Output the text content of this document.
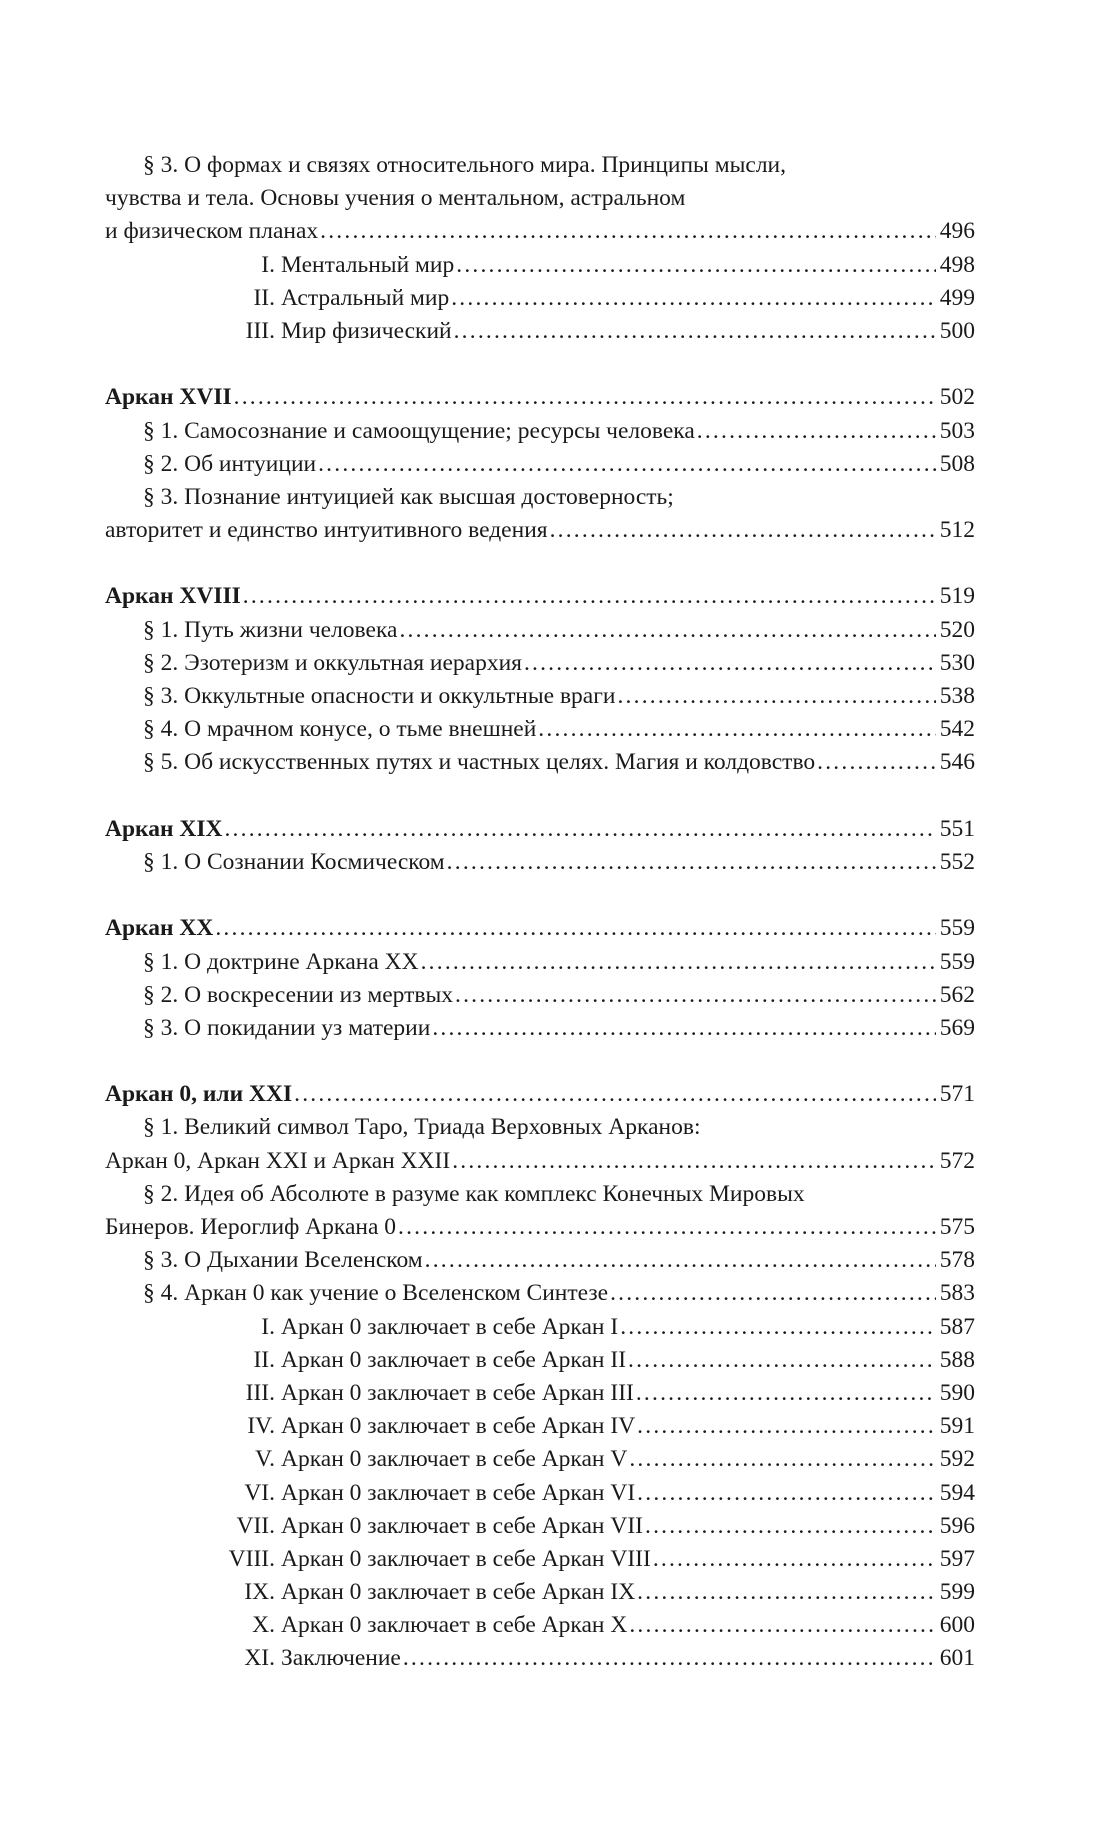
§ 3. О формах и связях относительного мира. Принципы мысли,
чувства и тела. Основы учения о ментальном, астральном
и физическом планах .....	496
I. Ментальный мир .....	498
II. Астральный мир .....	499
III. Мир физический .....	500
Аркан XVII .....	502
§ 1. Самосознание и самоощущение; ресурсы человека .....	503
§ 2. Об интуиции .....	508
§ 3. Познание интуицией как высшая достоверность;
авторитет и единство интуитивного ведения .....	512
Аркан XVIII .....	519
§ 1. Путь жизни человека .....	520
§ 2. Эзотеризм и оккультная иерархия .....	530
§ 3. Оккультные опасности и оккультные враги .....	538
§ 4. О мрачном конусе, о тьме внешней .....	542
§ 5. Об искусственных путях и частных целях. Магия и колдовство .....	546
Аркан XIX .....	551
§ 1. О Сознании Космическом .....	552
Аркан XX .....	559
§ 1. О доктрине Аркана XX .....	559
§ 2. О воскресении из мертвых .....	562
§ 3. О покидании уз материи .....	569
Аркан 0, или XXI .....	571
§ 1. Великий символ Таро, Триада Верховных Арканов:
Аркан 0, Аркан XXI и Аркан XXII .....	572
§ 2. Идея об Абсолюте в разуме как комплекс Конечных Мировых
Бинеров. Иероглиф Аркана 0 .....	575
§ 3. О Дыхании Вселенском .....	578
§ 4. Аркан 0 как учение о Вселенском Синтезе .....	583
I. Аркан 0 заключает в себе Аркан I .....	587
II. Аркан 0 заключает в себе Аркан II .....	588
III. Аркан 0 заключает в себе Аркан III .....	590
IV. Аркан 0 заключает в себе Аркан IV .....	591
V. Аркан 0 заключает в себе Аркан V .....	592
VI. Аркан 0 заключает в себе Аркан VI .....	594
VII. Аркан 0 заключает в себе Аркан VII .....	596
VIII. Аркан 0 заключает в себе Аркан VIII .....	597
IX. Аркан 0 заключает в себе Аркан IX .....	599
X. Аркан 0 заключает в себе Аркан X .....	600
XI. Заключение .....	601
